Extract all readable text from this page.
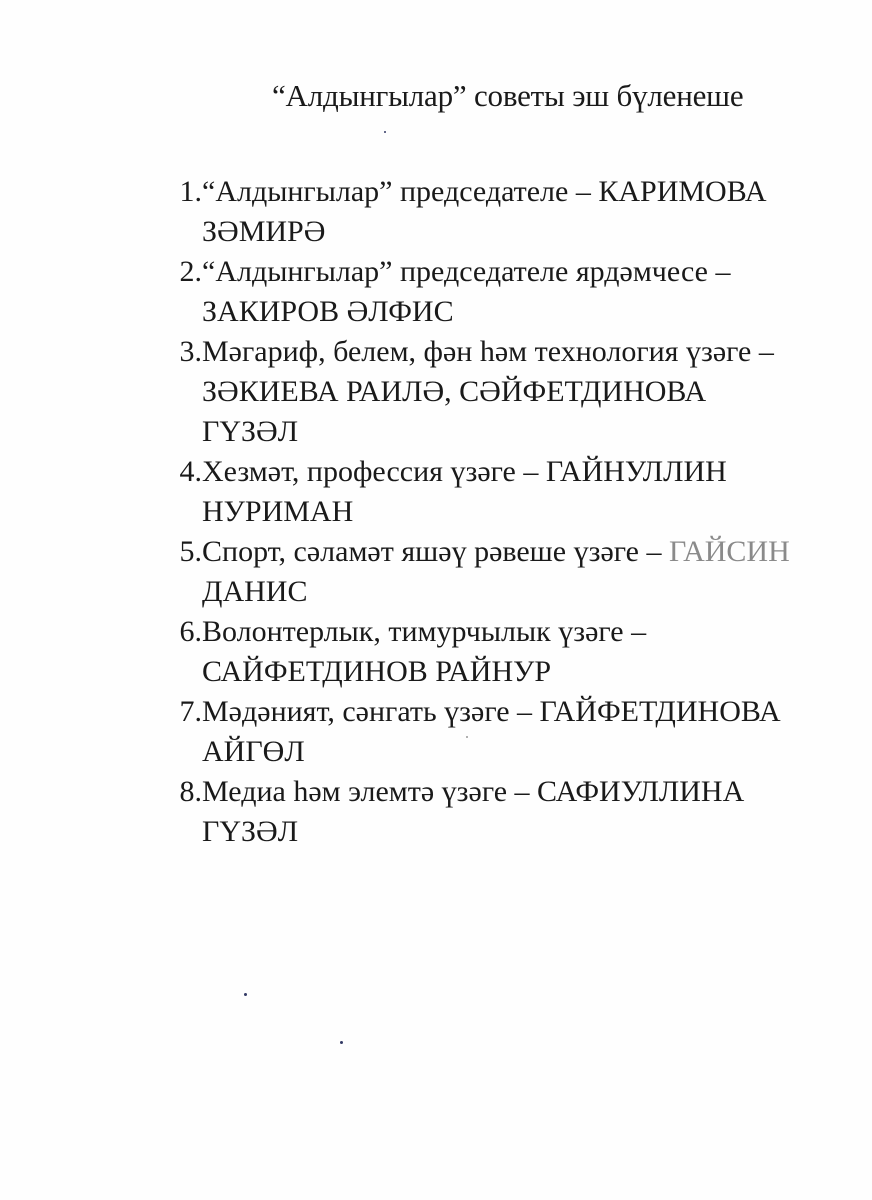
“Алдынгылар” советы эш бүленеше
1.“Алдынгылар” председателе – КАРИМОВА
ЗӘМИРӘ
2.“Алдынгылар” председателе ярдәмчесе –
ЗАКИРОВ ӘЛФИС
3.Мәгариф, белем, фән һәм технология үзәге –
ЗӘКИЕВА РАИЛӘ, СӘЙФЕТДИНОВА
ГҮЗӘЛ
4.Хезмәт, профессия үзәге – ГАЙНУЛЛИН
НУРИМАН
5.Спорт, сәламәт яшәү рәвеше үзәге – ГАЙСИН
ДАНИС
6.Волонтерлык, тимурчылык үзәге –
САЙФЕТДИНОВ РАЙНУР
7.Мәдәният, сәнгать үзәге – ГАЙФЕТДИНОВА
АЙГӨЛ
8.Медиа һәм элемтә үзәге – САФИУЛЛИНА
ГҮЗӘЛ
